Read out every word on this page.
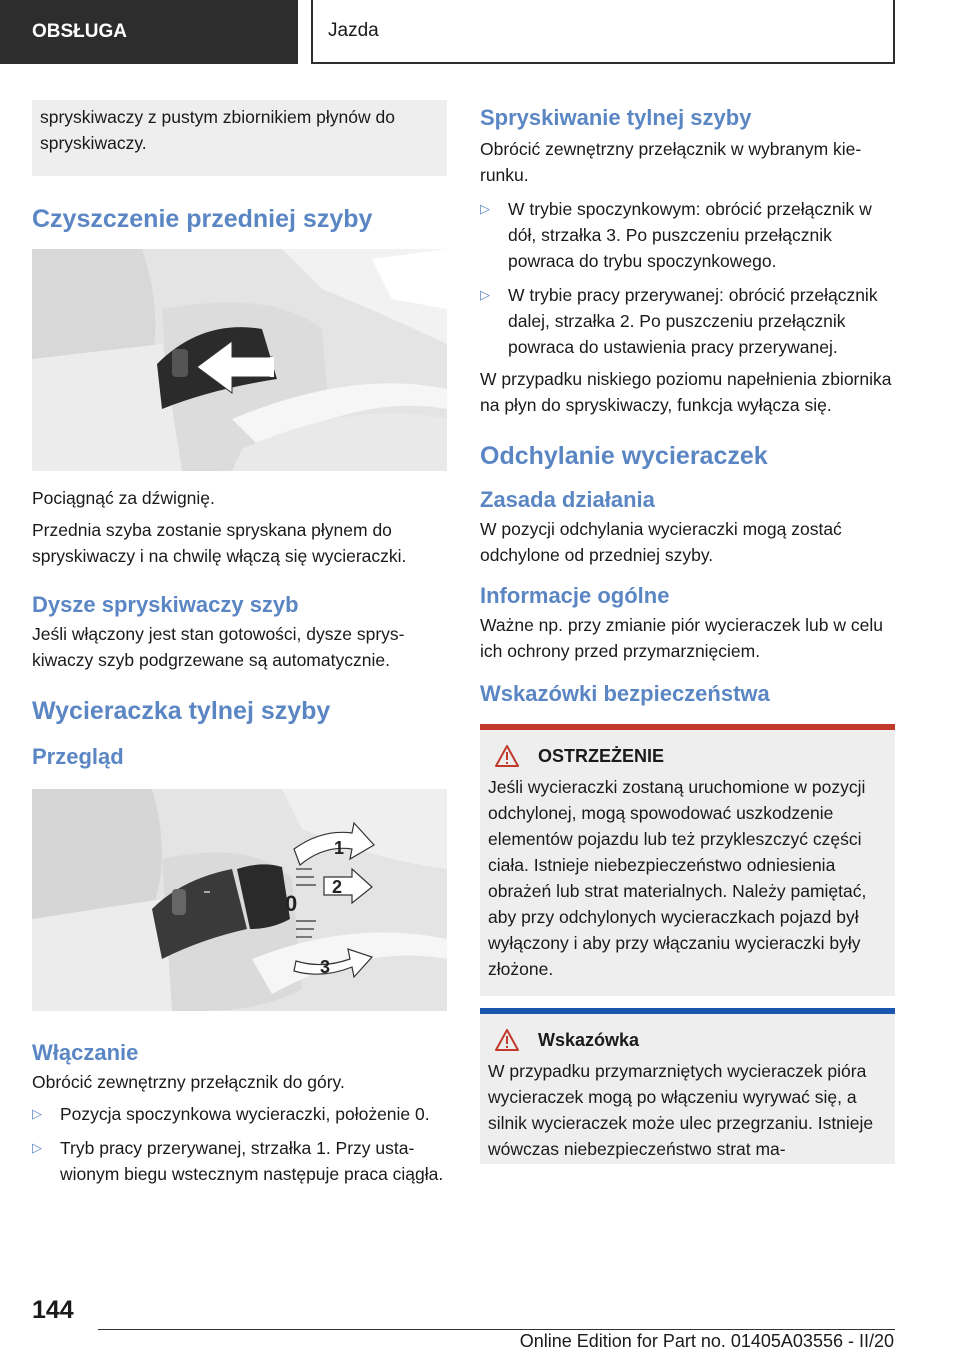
OBSŁUGA	Jazda

spryskiwaczy z pustym zbiornikiem płynów do spryskiwaczy.

Czyszczenie przedniej szyby

Pociągnąć za dźwignię.

Przednia szyba zostanie spryskana płynem do spryskiwaczy i na chwilę włączą się wycieraczki.

Dysze spryskiwaczy szyb

Jeśli włączony jest stan gotowości, dysze spryskiwaczy szyb podgrzewane są automatycznie.

Wycieraczka tylnej szyby
Przegląd
1
0
2
3
Włączanie

Obrócić zewnętrzny przełącznik do góry.

▷ Pozycja spoczynkowa wycieraczki, położenie 0.
▷ Tryb pracy przerywanej, strzałka 1. Przy ustawionym biegu wstecznym następuje praca ciągła.
Spryskiwanie tylnej szyby

Obrócić zewnętrzny przełącznik w wybranym kierunku.

▷ W trybie spoczynkowym: obrócić przełącznik w dół, strzałka 3. Po puszczeniu przełącznik powraca do trybu spoczynkowego.
▷ W trybie pracy przerywanej: obrócić przełącznik dalej, strzałka 2. Po puszczeniu przełącznik powraca do ustawienia pracy przerywanej.

W przypadku niskiego poziomu napełnienia zbiornika na płyn do spryskiwaczy, funkcja wyłącza się.

Odchylanie wycieraczek
Zasada działania

W pozycji odchylania wycieraczki mogą zostać odchylone od przedniej szyby.

Informacje ogólne

Ważne np. przy zmianie piór wycieraczek lub w celu ich ochrony przed przymarznięciem.

Wskazówki bezpieczeństwa
OSTRZEŻENIE

Jeśli wycieraczki zostaną uruchomione w pozycji odchylonej, mogą spowodować uszkodzenie elementów pojazdu lub też przykleszczyć części ciała. Istnieje niebezpieczeństwo odniesienia obrażeń lub strat materialnych. Należy pamiętać, aby przy odchylonych wycieraczkach pojazd był wyłączony i aby przy włączaniu wycieraczki były złożone.

Wskazówka

W przypadku przymarzniętych wycieraczek pióra wycieraczek mogą po włączeniu wyrywać się, a silnik wycieraczek może ulec przegrzaniu. Istnieje wówczas niebezpieczeństwo strat ma-

144
Online Edition for Part no. 01405A03556 - II/20
